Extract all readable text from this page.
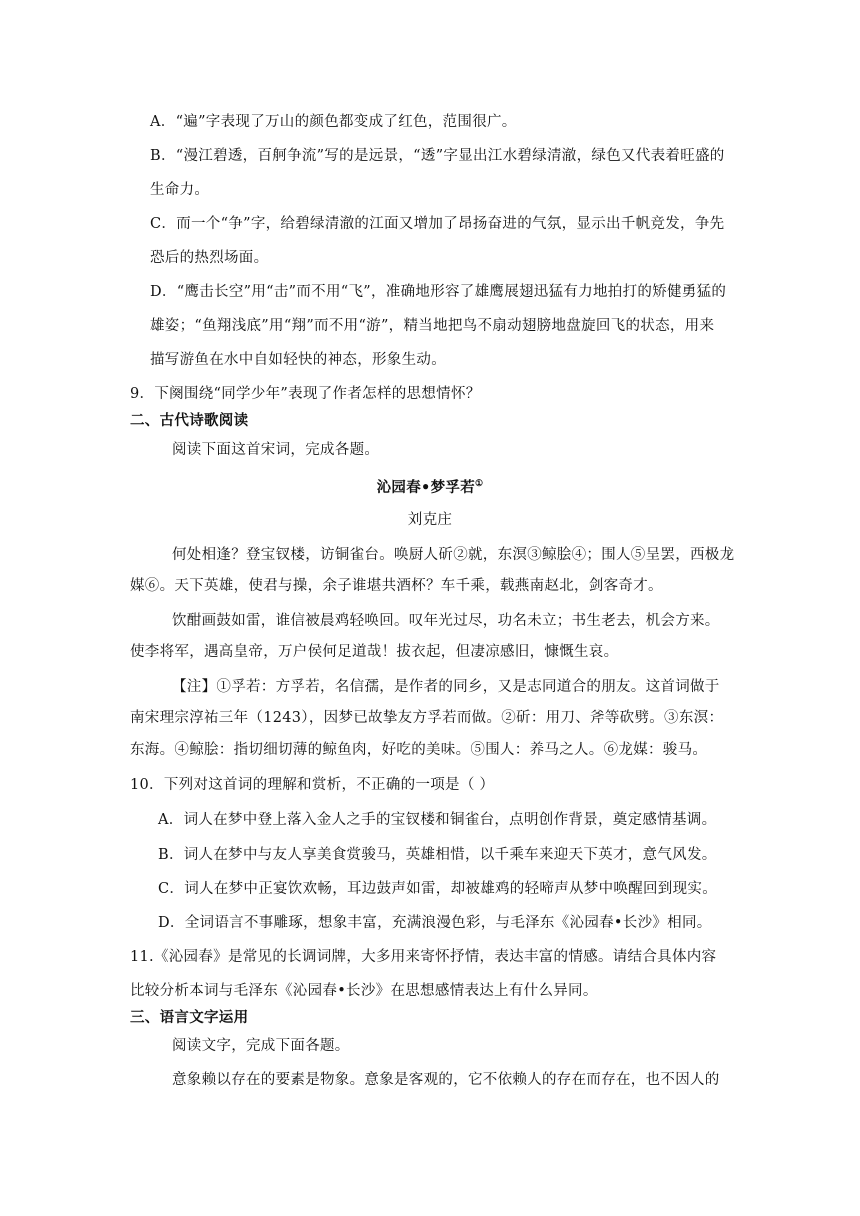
A．“遍”字表现了万山的颜色都变成了红色，范围很广。
B．“漫江碧透，百舸争流”写的是远景，“透”字显出江水碧绿清澈，绿色又代表着旺盛的
生命力。
C．而一个“争”字，给碧绿清澈的江面又增加了昂扬奋进的气氛，显示出千帆竞发，争先
恐后的热烈场面。
D．“鹰击长空”用“击”而不用“飞”，准确地形容了雄鹰展翅迅猛有力地拍打的矫健勇猛的
雄姿；“鱼翔浅底”用“翔”而不用“游”，精当地把鸟不扇动翅膀地盘旋回飞的状态，用来
描写游鱼在水中自如轻快的神态，形象生动。
9．下阕围绕“同学少年”表现了作者怎样的思想情怀？
二、古代诗歌阅读
阅读下面这首宋词，完成各题。
沁园春•梦孚若①
刘克庄
何处相逢？登宝钗楼，访铜雀台。唤厨人斫②就，东溟③鲸脍④；围人⑤呈罢，西极龙
媒⑥。天下英雄，使君与操，余子谁堪共酒杯？车千乘，载燕南赵北，剑客奇才。
饮酣画鼓如雷，谁信被晨鸡轻唤回。叹年光过尽，功名未立；书生老去，机会方来。
使李将军，遇高皇帝，万户侯何足道哉！拔衣起，但凄凉感旧，慷慨生哀。
【注】①孚若：方孚若，名信孺，是作者的同乡，又是志同道合的朋友。这首词做于
南宋理宗淳祐三年（1243），因梦已故挚友方孚若而做。②斫：用刀、斧等砍劈。③东溟：
东海。④鲸脍：指切细切薄的鲸鱼肉，好吃的美味。⑤围人：养马之人。⑥龙媒：骏马。
10．下列对这首词的理解和赏析，不正确的一项是（ ）
A．词人在梦中登上落入金人之手的宝钗楼和铜雀台，点明创作背景，奠定感情基调。
B．词人在梦中与友人享美食赏骏马，英雄相惜，以千乘车来迎天下英才，意气风发。
C．词人在梦中正宴饮欢畅，耳边鼓声如雷，却被雄鸡的轻啼声从梦中唤醒回到现实。
D．全词语言不事雕琢，想象丰富，充满浪漫色彩，与毛泽东《沁园春•长沙》相同。
11.《沁园春》是常见的长调词牌，大多用来寄怀抒情，表达丰富的情感。请结合具体内容
比较分析本词与毛泽东《沁园春•长沙》在思想感情表达上有什么异同。
三、语言文字运用
阅读文字，完成下面各题。
意象赖以存在的要素是物象。意象是客观的，它不依赖人的存在而存在，也不因人的
